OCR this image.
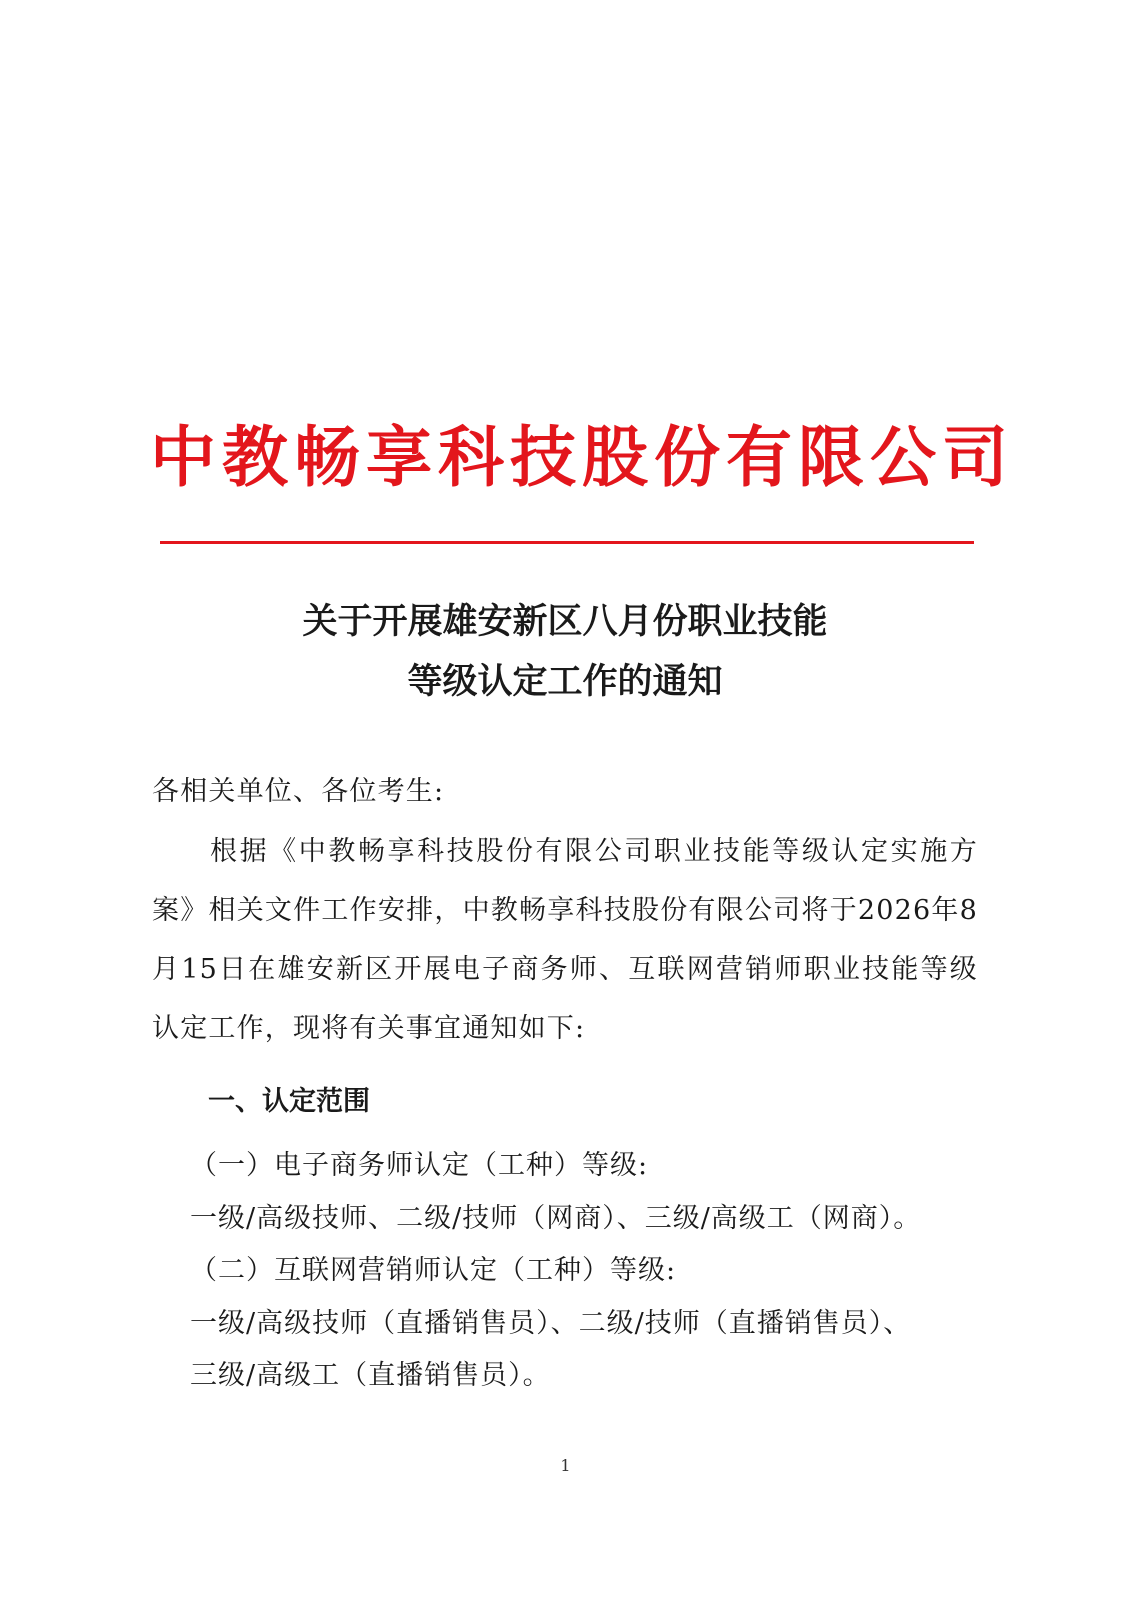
中教畅享科技股份有限公司
关于开展雄安新区八月份职业技能
等级认定工作的通知
各相关单位、各位考生:
根据《中教畅享科技股份有限公司职业技能等级认定实施方案》相关文件工作安排，中教畅享科技股份有限公司将于2026年8月15日在雄安新区开展电子商务师、互联网营销师职业技能等级认定工作，现将有关事宜通知如下:
一、认定范围
（一）电子商务师认定（工种）等级:
一级/高级技师、二级/技师（网商）、三级/高级工（网商）。
（二）互联网营销师认定（工种）等级:
一级/高级技师（直播销售员）、二级/技师（直播销售员）、
三级/高级工（直播销售员）。
1
